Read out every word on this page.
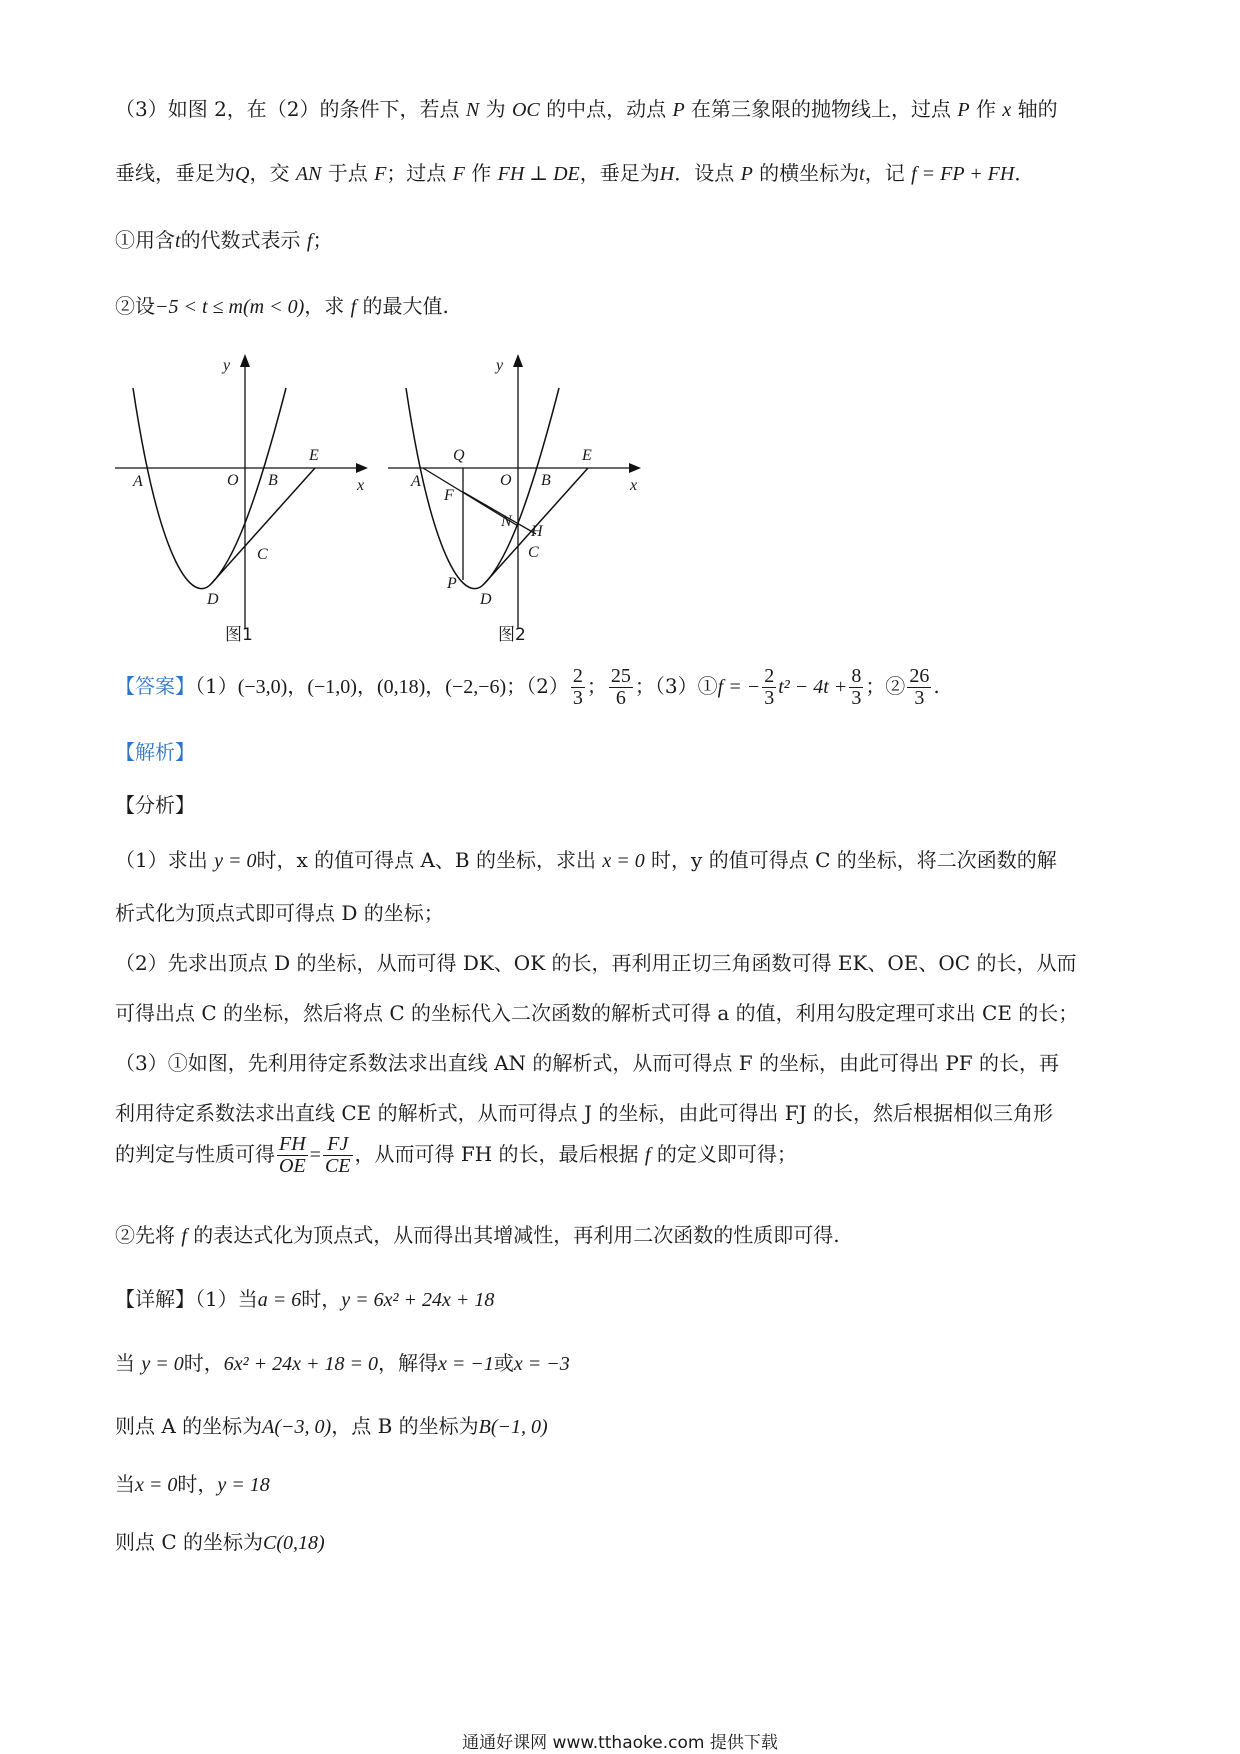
（3）如图 2，在（2）的条件下，若点 N 为 OC 的中点，动点 P 在第三象限的抛物线上，过点 P 作 x 轴的
垂线，垂足为Q，交 AN 于点 F；过点 F 作 FH ⊥ DE，垂足为H．设点 P 的横坐标为t，记 f = FP + FH．
①用含t的代数式表示 f；
②设−5 < t ≤ m(m < 0)，求 f 的最大值.
y
x
A	O B
E
C
D
图1
y
x
Q
A	O B
E
F
N
H
C
P
D
图2
【答案】（1）(−3,0)，(−1,0)，(0,18)，(−2,−6)；$(2) \frac{2}{3}$ ； $\frac{25}{6}$ ；（3）①f = − $\frac{2}{3} t^2 - 4t + \frac{8}{3}$ ；② $\frac{26}{3}$ .
【解析】
【分析】
（1）求出 y = 0时，x 的值可得点 A、B 的坐标，求出 x = 0 时，y 的值可得点 C 的坐标，将二次函数的解
析式化为顶点式即可得点 D 的坐标；
（2）先求出顶点 D 的坐标，从而可得 DK、OK 的长，再利用正切三角函数可得 EK、OE、OC 的长，从而
可得出点 C 的坐标，然后将点 C 的坐标代入二次函数的解析式可得 a 的值，利用勾股定理可求出 CE 的长；
（3）①如图，先利用待定系数法求出直线 AN 的解析式，从而可得点 F 的坐标，由此可得出 PF 的长，再
利用待定系数法求出直线 CE 的解析式，从而可得点 J 的坐标，由此可得出 FJ 的长，然后根据相似三角形
的判定与性质可得 $\frac{FH}{OE} = \frac{FJ}{CE}$ ，从而可得 FH 的长，最后根据 f 的定义即可得；
②先将 f 的表达式化为顶点式，从而得出其增减性，再利用二次函数的性质即可得.
【详解】（1）当a = 6时，y = 6x² + 24x + 18
当 y = 0时，6x² + 24x + 18 = 0，解得x = −1或x = −3
则点 A 的坐标为A(−3, 0)，点 B 的坐标为B(−1, 0)
当x = 0时，y = 18
则点 C 的坐标为C(0,18)
通通好课网 www.tthaoke.com 提供下载
